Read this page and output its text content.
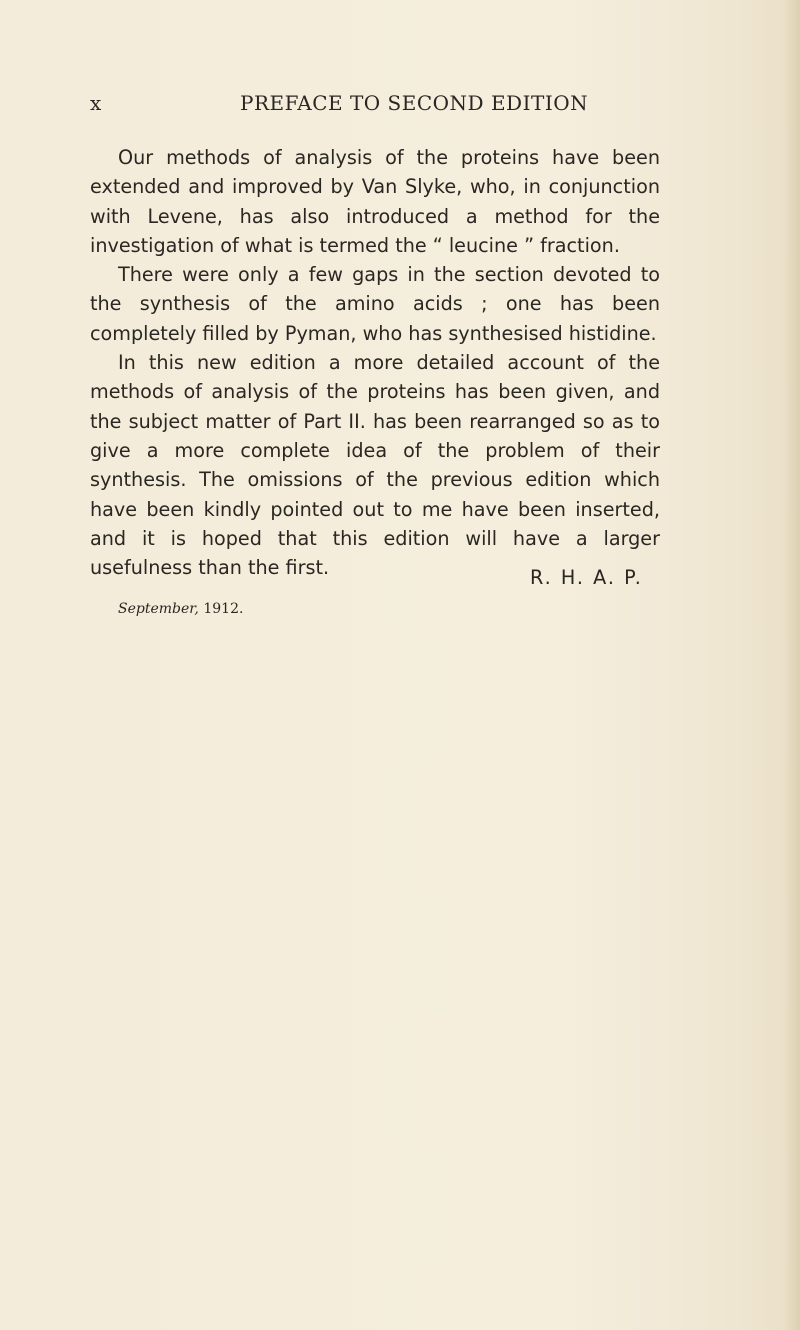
x	PREFACE TO SECOND EDITION

Our methods of analysis of the proteins have been extended and improved by Van Slyke, who, in conjunction with Levene, has also introduced a method for the investigation of what is termed the “ leucine ” fraction.

There were only a few gaps in the section devoted to the synthesis of the amino acids ; one has been completely filled by Pyman, who has synthesised histidine.

In this new edition a more detailed account of the methods of analysis of the proteins has been given, and the subject matter of Part II. has been rearranged so as to give a more complete idea of the problem of their synthesis. The omissions of the previous edition which have been kindly pointed out to me have been inserted, and it is hoped that this edition will have a larger usefulness than the first.	R. H. A. P.
September, 1912.
